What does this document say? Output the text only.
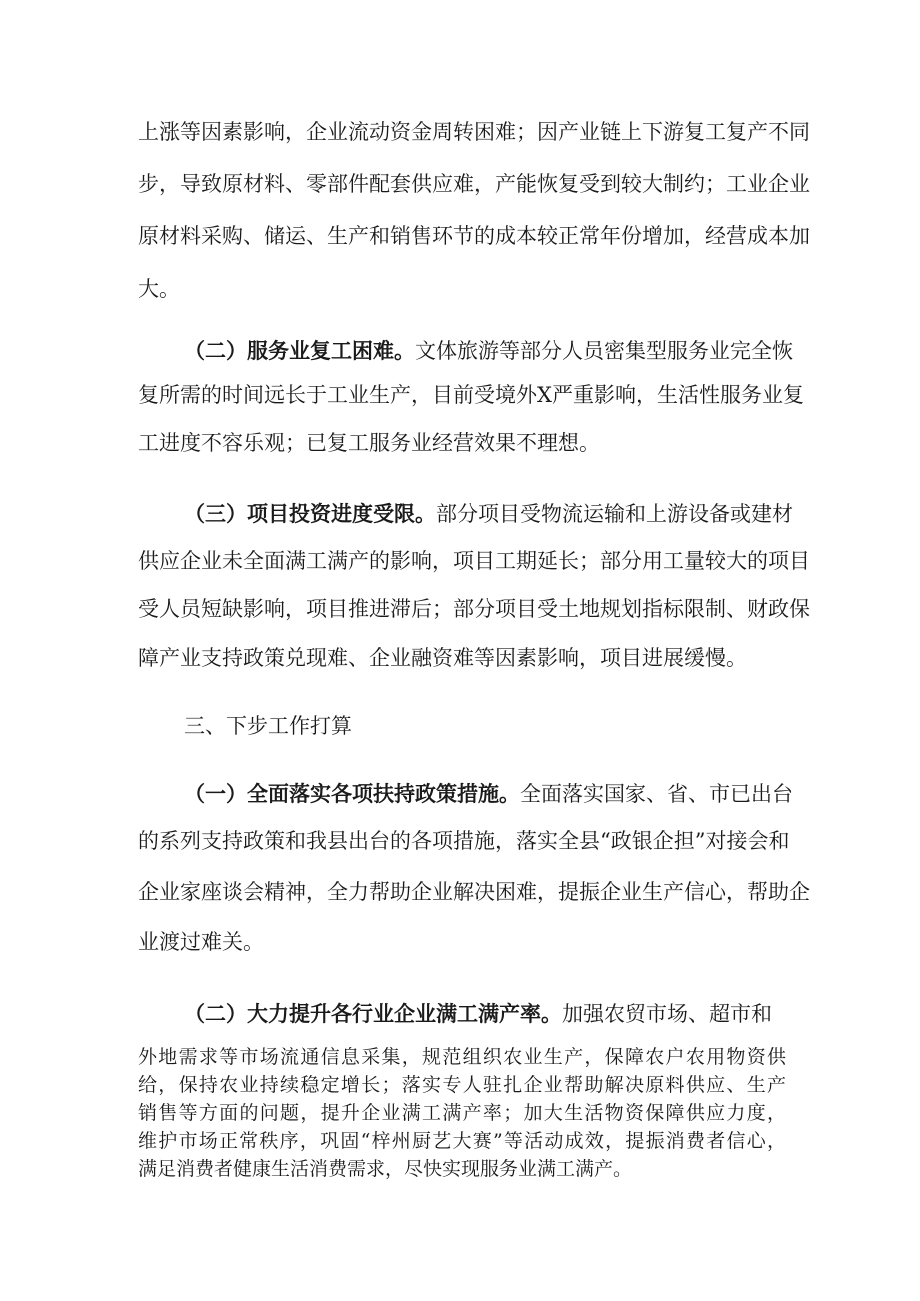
上涨等因素影响，企业流动资金周转困难；因产业链上下游复工复产不同
步，导致原材料、零部件配套供应难，产能恢复受到较大制约；工业企业
原材料采购、储运、生产和销售环节的成本较正常年份增加，经营成本加
大。
（二）服务业复工困难。文体旅游等部分人员密集型服务业完全恢
复所需的时间远长于工业生产，目前受境外X严重影响，生活性服务业复
工进度不容乐观；已复工服务业经营效果不理想。
（三）项目投资进度受限。部分项目受物流运输和上游设备或建材
供应企业未全面满工满产的影响，项目工期延长；部分用工量较大的项目
受人员短缺影响，项目推进滞后；部分项目受土地规划指标限制、财政保
障产业支持政策兑现难、企业融资难等因素影响，项目进展缓慢。
三、下步工作打算
（一）全面落实各项扶持政策措施。全面落实国家、省、市已出台
的系列支持政策和我县出台的各项措施，落实全县“政银企担”对接会和
企业家座谈会精神，全力帮助企业解决困难，提振企业生产信心，帮助企
业渡过难关。
（二）大力提升各行业企业满工满产率。加强农贸市场、超市和
外地需求等市场流通信息采集，规范组织农业生产，保障农户农用物资供
给，保持农业持续稳定增长；落实专人驻扎企业帮助解决原料供应、生产
销售等方面的问题，提升企业满工满产率；加大生活物资保障供应力度，
维护市场正常秩序，巩固“梓州厨艺大赛”等活动成效，提振消费者信心，
满足消费者健康生活消费需求，尽快实现服务业满工满产。
